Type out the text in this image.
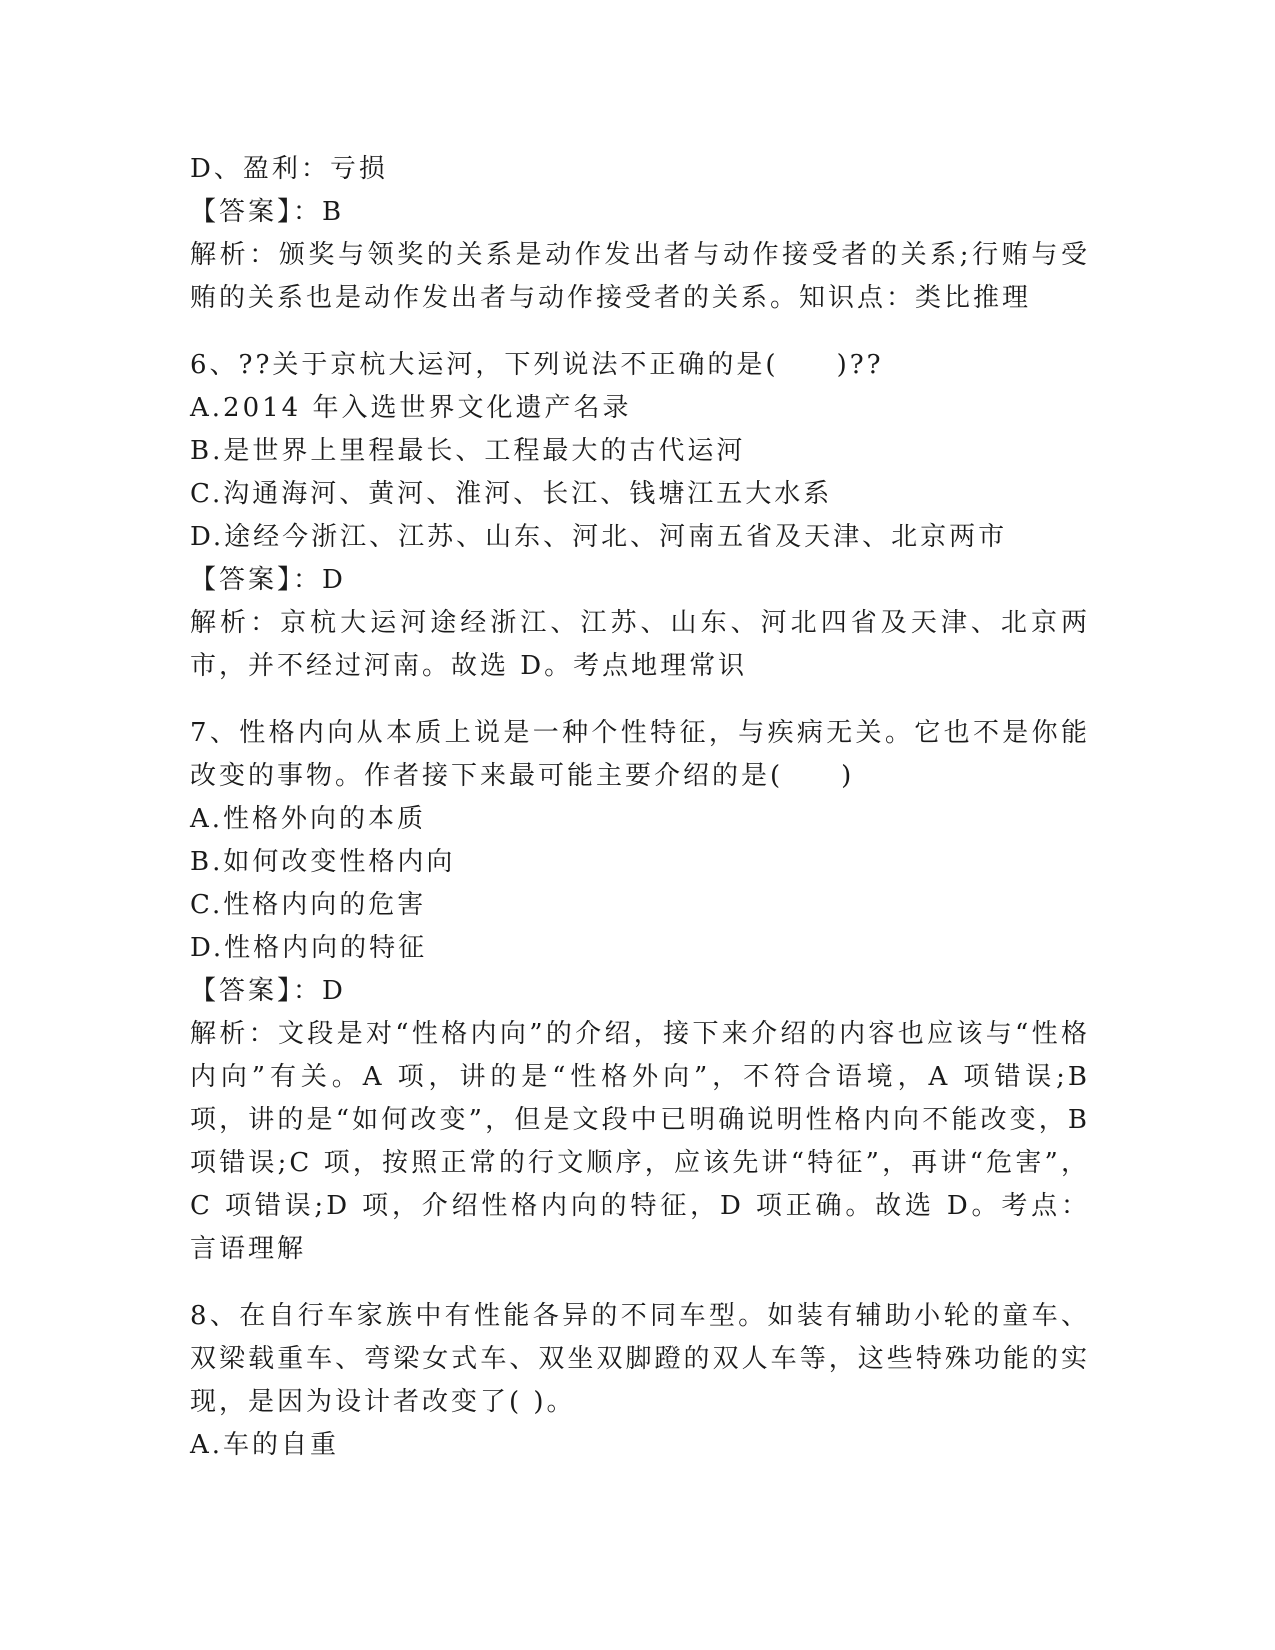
D、盈利：亏损
【答案】：B
解析：颁奖与领奖的关系是动作发出者与动作接受者的关系;行贿与受贿的关系也是动作发出者与动作接受者的关系。知识点：类比推理
6、??关于京杭大运河，下列说法不正确的是(　　)??
A.2014 年入选世界文化遗产名录
B.是世界上里程最长、工程最大的古代运河
C.沟通海河、黄河、淮河、长江、钱塘江五大水系
D.途经今浙江、江苏、山东、河北、河南五省及天津、北京两市
【答案】：D
解析：京杭大运河途经浙江、江苏、山东、河北四省及天津、北京两市，并不经过河南。故选 D。考点地理常识
7、性格内向从本质上说是一种个性特征，与疾病无关。它也不是你能改变的事物。作者接下来最可能主要介绍的是(　　)
A.性格外向的本质
B.如何改变性格内向
C.性格内向的危害
D.性格内向的特征
【答案】：D
解析：文段是对“性格内向”的介绍，接下来介绍的内容也应该与“性格内向”有关。A 项，讲的是“性格外向”，不符合语境，A 项错误;B 项，讲的是“如何改变”，但是文段中已明确说明性格内向不能改变，B 项错误;C 项，按照正常的行文顺序，应该先讲“特征”，再讲“危害”，C 项错误;D 项，介绍性格内向的特征，D 项正确。故选 D。考点：言语理解
8、在自行车家族中有性能各异的不同车型。如装有辅助小轮的童车、双梁载重车、弯梁女式车、双坐双脚蹬的双人车等，这些特殊功能的实现，是因为设计者改变了( )。
A.车的自重
